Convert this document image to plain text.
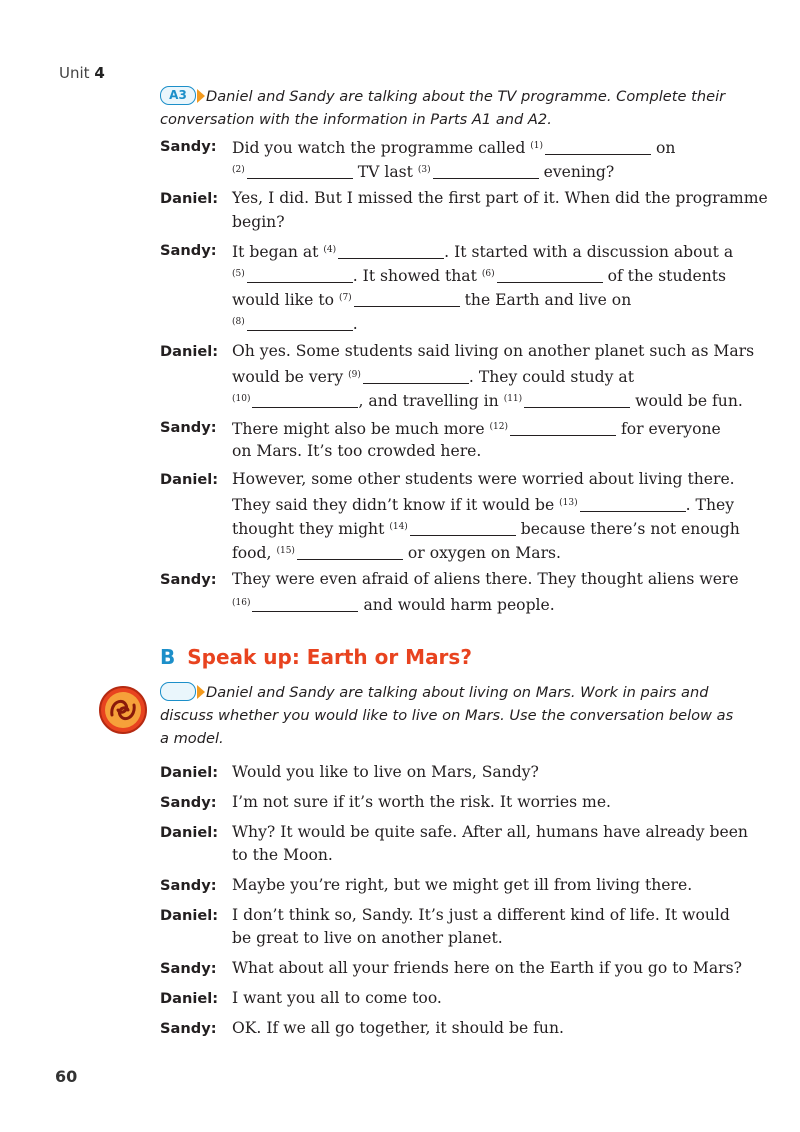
Unit 4
A3	Daniel and Sandy are talking about the TV programme. Complete their
conversation with the information in Parts A1 and A2.
Sandy: Did you watch the programme called $^{(1)}$	on
$^{(2)}$	TV last $^{(3)}$	evening?
Daniel: Yes, I did. But I missed the first part of it. When did the programme
begin?
Sandy: It began at $^{(4)}$	. It started with a discussion about a
$^{(5)}$	. It showed that $^{(6)}$	of the students
would like to $^{(7)}$	the Earth and live on
$^{(8)}$	.
Daniel: Oh yes. Some students said living on another planet such as Mars
would be very $^{(9)}$	. They could study at
$^{(10)}$	, and travelling in $^{(11)}$	would be fun.
Sandy: There might also be much more $^{(12)}$	for everyone
on Mars. It’s too crowded here.
Daniel: However, some other students were worried about living there.
They said they didn’t know if it would be $^{(13)}$	. They
thought they might $^{(14)}$	because there’s not enough
food, $^{(15)}$	or oxygen on Mars.
Sandy: They were even afraid of aliens there. They thought aliens were
$^{(16)}$	and would harm people.
B Speak up: Earth or Mars?
Daniel and Sandy are talking about living on Mars. Work in pairs and
discuss whether you would like to live on Mars. Use the conversation below as
a model.
Daniel: Would you like to live on Mars, Sandy?
Sandy: I’m not sure if it’s worth the risk. It worries me.
Daniel: Why? It would be quite safe. After all, humans have already been
to the Moon.
Sandy: Maybe you’re right, but we might get ill from living there.
Daniel: I don’t think so, Sandy. It’s just a different kind of life. It would
be great to live on another planet.
Sandy: What about all your friends here on the Earth if you go to Mars?
Daniel: I want you all to come too.
Sandy: OK. If we all go together, it should be fun.
60
